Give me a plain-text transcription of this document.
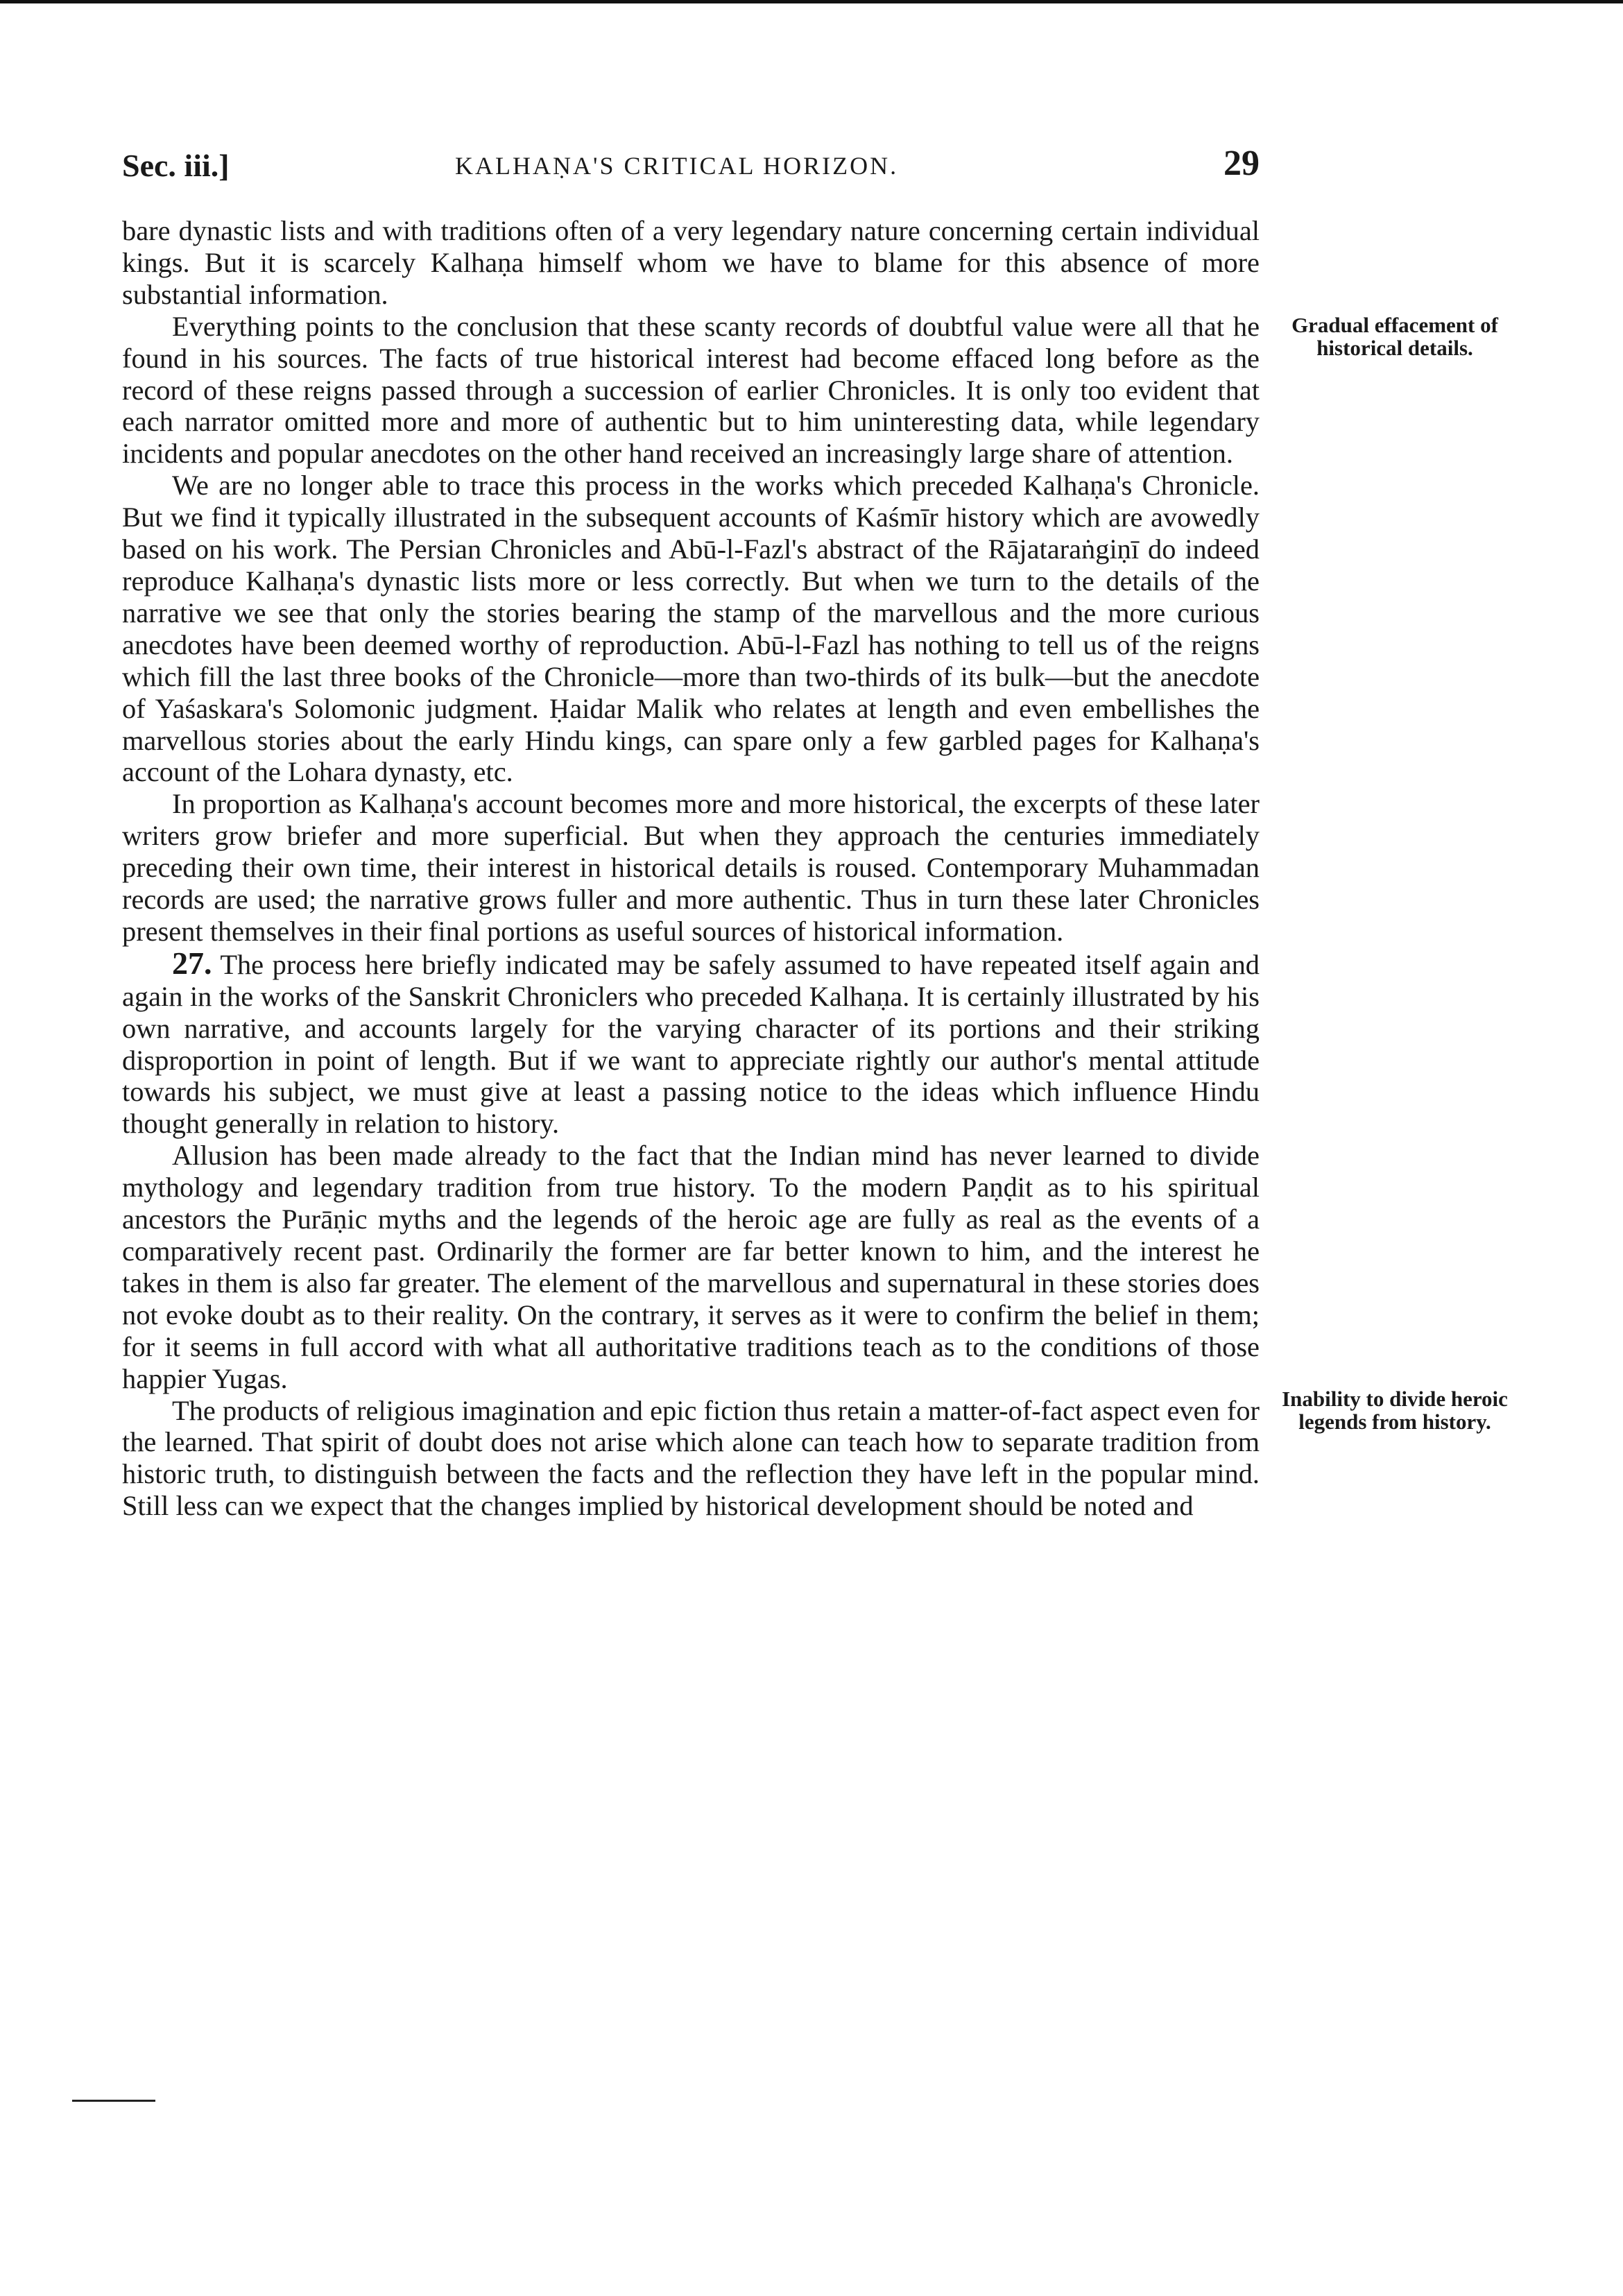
Sec. iii.]	KALHAṆA'S CRITICAL HORIZON.	29

bare dynastic lists and with traditions often of a very legendary nature concerning certain individual kings. But it is scarcely Kalhaṇa himself whom we have to blame for this absence of more substantial information.

Everything points to the conclusion that these scanty records of doubtful value were all that he found in his sources. The facts of true historical interest had become effaced long before as the record of these reigns passed through a succession of earlier Chronicles. It is only too evident that each narrator omitted more and more of authentic but to him uninteresting data, while legendary incidents and popular anecdotes on the other hand received an increasingly large share of attention.

We are no longer able to trace this process in the works which preceded Kalhaṇa's Chronicle. But we find it typically illustrated in the subsequent accounts of Kaśmīr history which are avowedly based on his work. The Persian Chronicles and Abū-l-Fazl's abstract of the Rājataraṅgiṇī do indeed reproduce Kalhaṇa's dynastic lists more or less correctly. But when we turn to the details of the narrative we see that only the stories bearing the stamp of the marvellous and the more curious anecdotes have been deemed worthy of reproduction. Abū-l-Fazl has nothing to tell us of the reigns which fill the last three books of the Chronicle—more than two-thirds of its bulk—but the anecdote of Yaśaskara's Solomonic judgment. Ḥaidar Malik who relates at length and even embellishes the marvellous stories about the early Hindu kings, can spare only a few garbled pages for Kalhaṇa's account of the Lohara dynasty, etc.

In proportion as Kalhaṇa's account becomes more and more historical, the excerpts of these later writers grow briefer and more superficial. But when they approach the centuries immediately preceding their own time, their interest in historical details is roused. Contemporary Muhammadan records are used; the narrative grows fuller and more authentic. Thus in turn these later Chronicles present themselves in their final portions as useful sources of historical information.

27. The process here briefly indicated may be safely assumed to have repeated itself again and again in the works of the Sanskrit Chroniclers who preceded Kalhaṇa. It is certainly illustrated by his own narrative, and accounts largely for the varying character of its portions and their striking disproportion in point of length. But if we want to appreciate rightly our author's mental attitude towards his subject, we must give at least a passing notice to the ideas which influence Hindu thought generally in relation to history.

Allusion has been made already to the fact that the Indian mind has never learned to divide mythology and legendary tradition from true history. To the modern Paṇḍit as to his spiritual ancestors the Purāṇic myths and the legends of the heroic age are fully as real as the events of a comparatively recent past. Ordinarily the former are far better known to him, and the interest he takes in them is also far greater. The element of the marvellous and supernatural in these stories does not evoke doubt as to their reality. On the contrary, it serves as it were to confirm the belief in them; for it seems in full accord with what all authoritative traditions teach as to the conditions of those happier Yugas.

The products of religious imagination and epic fiction thus retain a matter-of-fact aspect even for the learned. That spirit of doubt does not arise which alone can teach how to separate tradition from historic truth, to distinguish between the facts and the reflection they have left in the popular mind. Still less can we expect that the changes implied by historical development should be noted and

Gradual effacement of historical details.
Inability to divide heroic legends from history.
